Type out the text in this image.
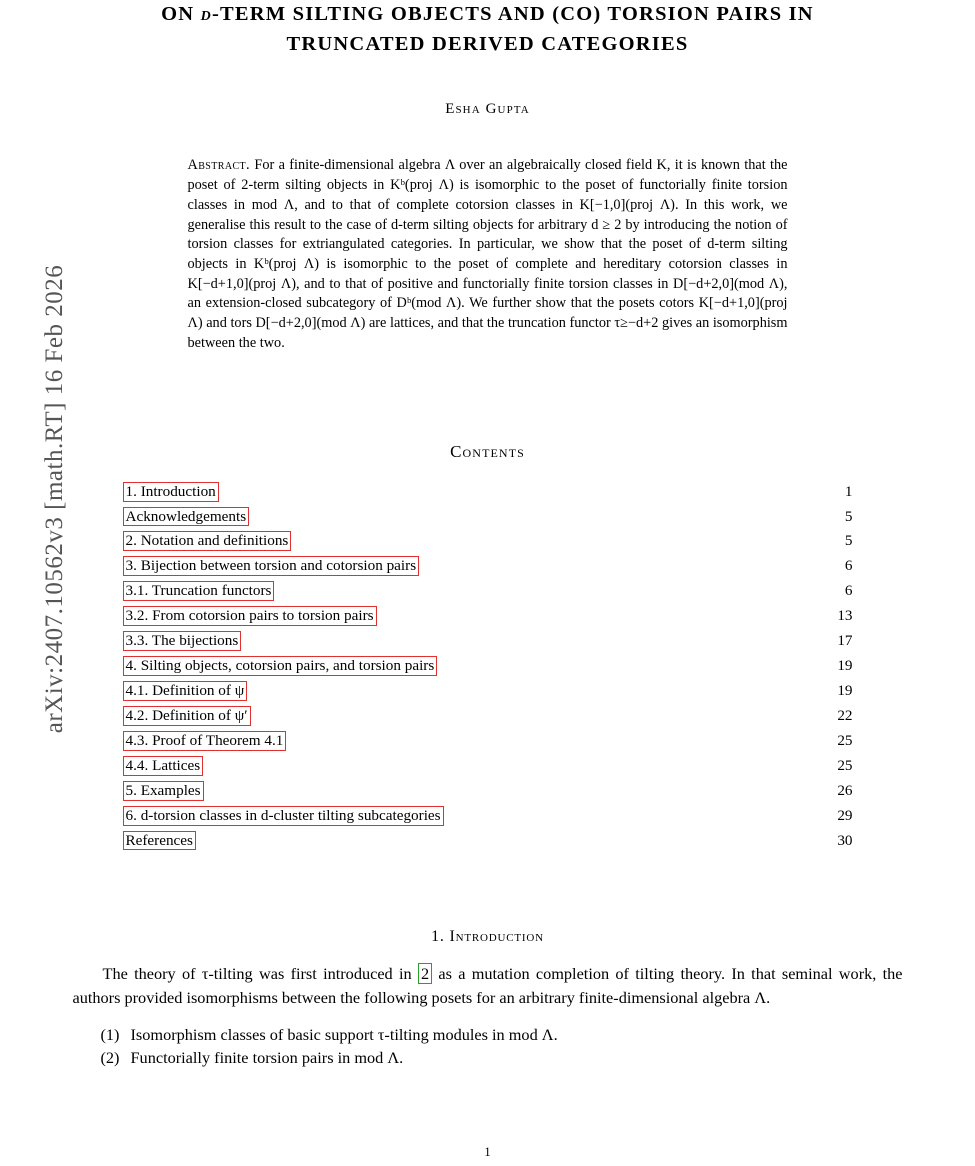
arXiv:2407.10562v3 [math.RT] 16 Feb 2026
ON d-TERM SILTING OBJECTS AND (CO) TORSION PAIRS IN
TRUNCATED DERIVED CATEGORIES
Esha Gupta
Abstract. For a finite-dimensional algebra Λ over an algebraically closed field K, it is known that the poset of 2-term silting objects in Kᵇ(proj Λ) is isomorphic to the poset of functorially finite torsion classes in mod Λ, and to that of complete cotorsion classes in K[−1,0](proj Λ). In this work, we generalise this result to the case of d-term silting objects for arbitrary d ≥ 2 by introducing the notion of torsion classes for extriangulated categories. In particular, we show that the poset of d-term silting objects in Kᵇ(proj Λ) is isomorphic to the poset of complete and hereditary cotorsion classes in K[−d+1,0](proj Λ), and to that of positive and functorially finite torsion classes in D[−d+2,0](mod Λ), an extension-closed subcategory of Dᵇ(mod Λ). We further show that the posets cotors K[−d+1,0](proj Λ) and tors D[−d+2,0](mod Λ) are lattices, and that the truncation functor τ≥−d+2 gives an isomorphism between the two.
Contents
1. Introduction	1
Acknowledgements	5
2. Notation and definitions	5
3. Bijection between torsion and cotorsion pairs	6
3.1. Truncation functors	6
3.2. From cotorsion pairs to torsion pairs	13
3.3. The bijections	17
4. Silting objects, cotorsion pairs, and torsion pairs	19
4.1. Definition of ψ	19
4.2. Definition of ψ′	22
4.3. Proof of Theorem 4.1	25
4.4. Lattices	25
5. Examples	26
6. d-torsion classes in d-cluster tilting subcategories	29
References	30
1. Introduction
The theory of τ-tilting was first introduced in 2 as a mutation completion of tilting theory. In that seminal work, the authors provided isomorphisms between the following posets for an arbitrary finite-dimensional algebra Λ.
(1) Isomorphism classes of basic support τ-tilting modules in mod Λ.
(2) Functorially finite torsion pairs in mod Λ.
1
